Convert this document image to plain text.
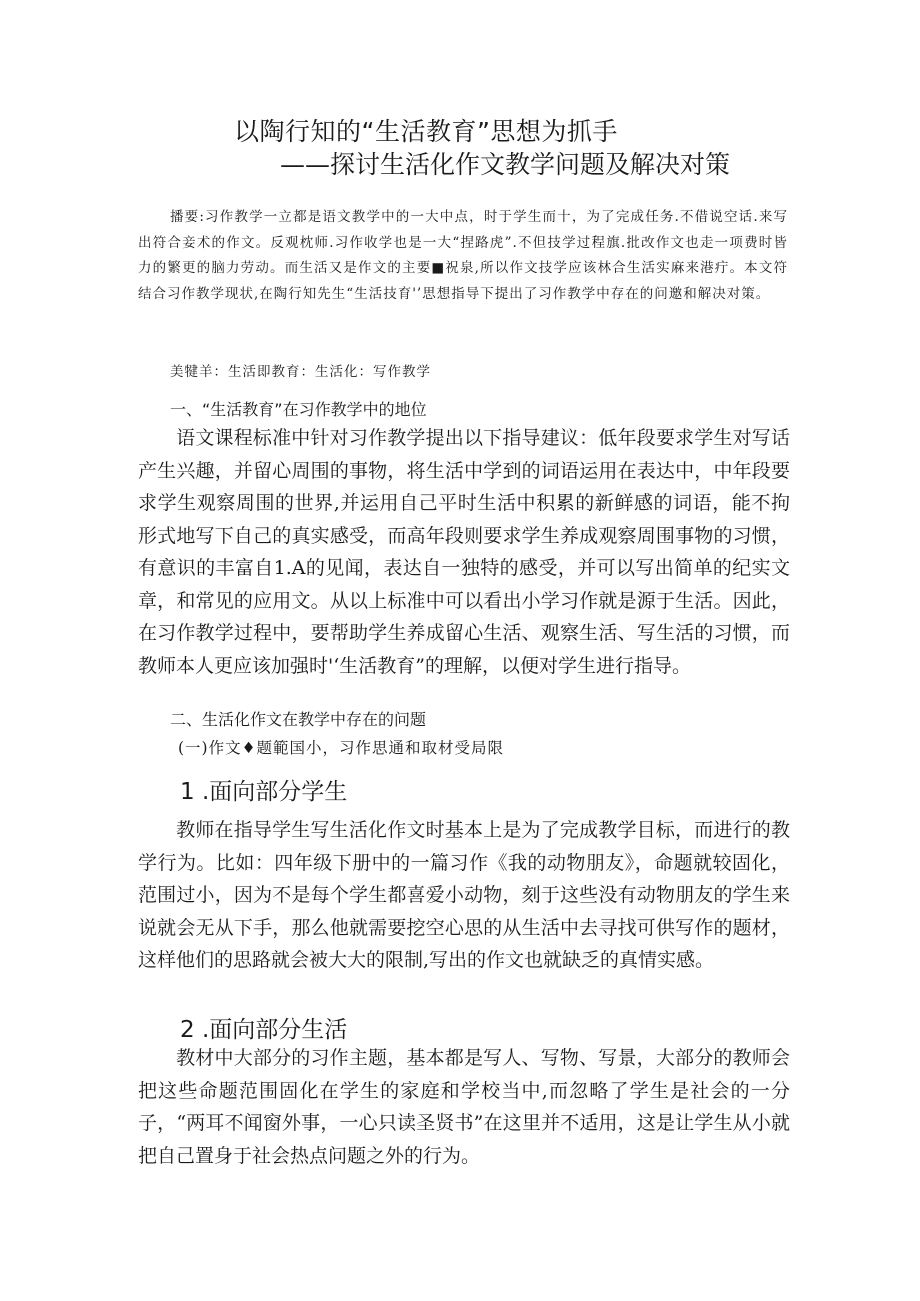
以陶行知的“生活教育”思想为抓手
——探讨生活化作文教学问题及解决对策
播要:习作教学一立都是语文教学中的一大中点，时于学生而十，为了完成任务.不借说空话.来写出符合妾术的作文。反观枕师.习作收学也是一大“捏路虎”.不但技学过程旗.批改作文也走一项费时皆力的繁更的脑力劳动。而生活又是作文的主要■祝泉,所以作文技学应该林合生活实麻来港疔。本文符结合习作教学现状,在陶行知先生“生活技育'’思想指导下提出了习作教学中存在的问邀和解决对策。
美犍羊：生活即教育：生活化：写作教学
一、“生活教育”在习作教学中的地位
语文课程标准中针对习作教学提出以下指导建议：低年段要求学生对写话产生兴趣，并留心周围的事物，将生活中学到的词语运用在表达中，中年段要求学生观察周围的世界,并运用自己平时生活中积累的新鲜感的词语，能不拘形式地写下自己的真实感受，而高年段则要求学生养成观察周围事物的习惯，有意识的丰富自1.A的见闻，表达自一独特的感受，并可以写出简单的纪实文章，和常见的应用文。从以上标准中可以看出小学习作就是源于生活。因此，在习作教学过程中，要帮助学生养成留心生活、观察生活、写生活的习惯，而教师本人更应该加强时'‘生活教育”的理解，以便对学生进行指导。
二、生活化作文在教学中存在的问题
(一)作文♦题範国小，习作思通和取材受局限
1 .面向部分学生
教师在指导学生写生活化作文时基本上是为了完成教学目标，而进行的教学行为。比如：四年级下册中的一篇习作《我的动物朋友》，命题就较固化，范围过小，因为不是每个学生都喜爱小动物，刻于这些没有动物朋友的学生来说就会无从下手，那么他就需要挖空心思的从生活中去寻找可供写作的题材，这样他们的思路就会被大大的限制,写出的作文也就缺乏的真情实感。
2 .面向部分生活
教材中大部分的习作主题，基本都是写人、写物、写景，大部分的教师会把这些命题范围固化在学生的家庭和学校当中,而忽略了学生是社会的一分子，“两耳不闻窗外事，一心只读圣贤书”在这里并不适用，这是让学生从小就把自己置身于社会热点问题之外的行为。
